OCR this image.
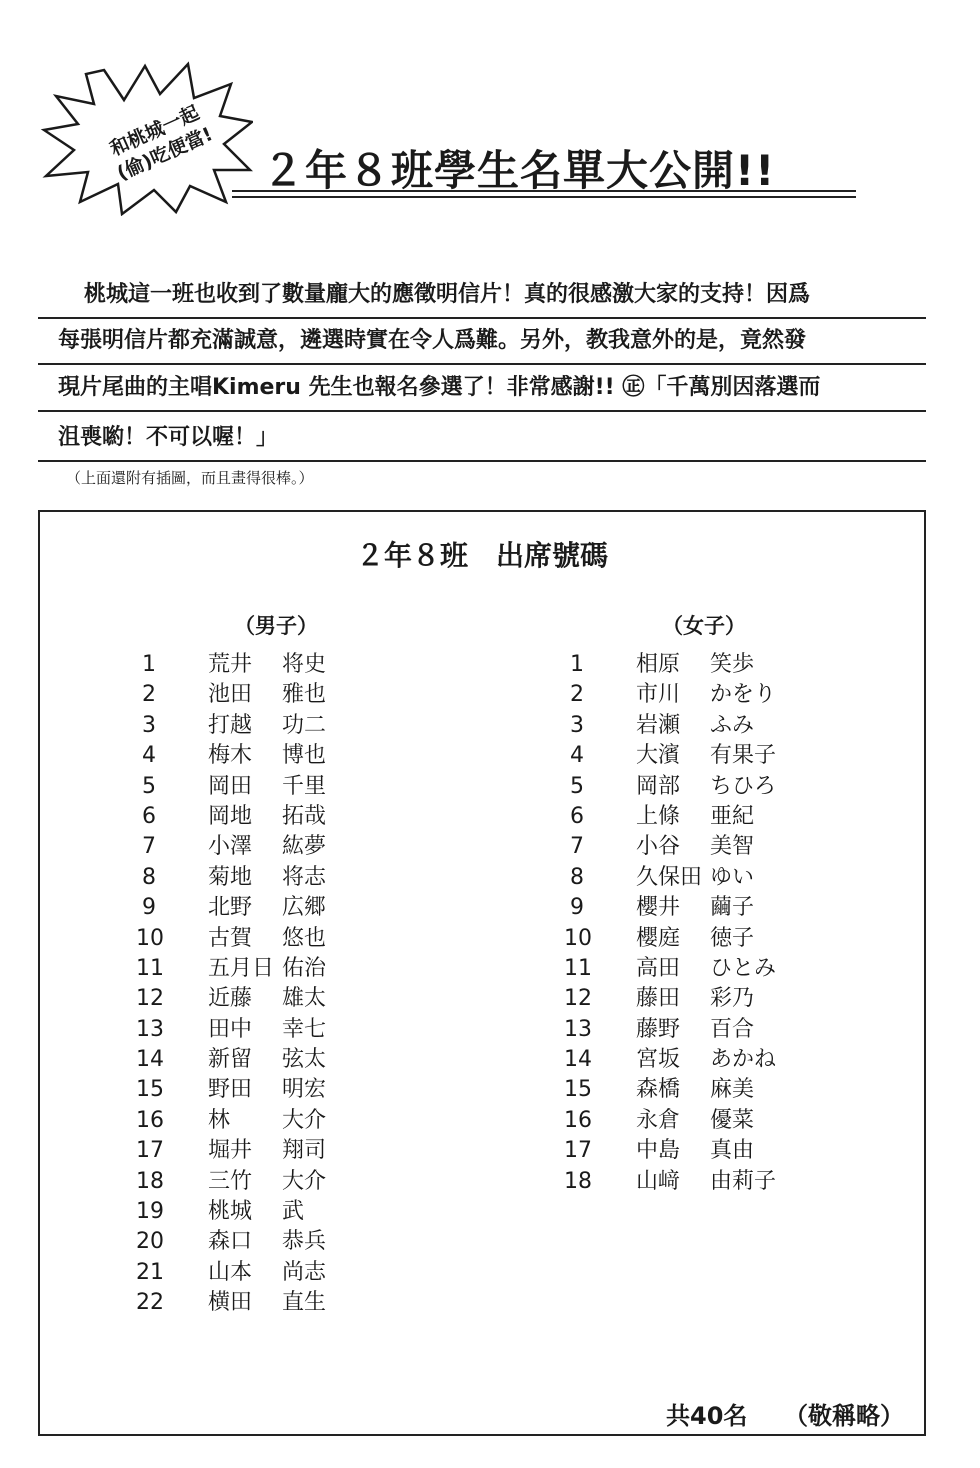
和桃城一起(偷)吃便當! ２年８班學生名單大公開!!
桃城這一班也收到了數量龐大的應徵明信片！真的很感激大家的支持！因爲
每張明信片都充滿誠意，遴選時實在令人爲難。另外，教我意外的是，竟然發
現片尾曲的主唱Kimeru 先生也報名參選了！非常感謝!! ㊣「千萬別因落選而
沮喪喲！不可以喔！」
（上面還附有插圖，而且畫得很棒。）
２年８班　出席號碼
（男子）	（女子）
1 荒井 将史
2 池田 雅也
3 打越 功二
4 梅木 博也
5 岡田 千里
6 岡地 拓哉
7 小澤 紘夢
8 菊地 将志
9 北野 広郷
10 古賀 悠也
11 五月日 佑治
12 近藤 雄太
13 田中 幸七
14 新留 弦太
15 野田 明宏
16 林 大介
17 堀井 翔司
18 三竹 大介
19 桃城 武
20 森口 恭兵
21 山本 尚志
22 横田 直生
1 相原 笑歩
2 市川 かをり
3 岩瀬 ふみ
4 大濱 有果子
5 岡部 ちひろ
6 上條 亜紀
7 小谷 美智
8 久保田 ゆい
9 櫻井 繭子
10 櫻庭 徳子
11 高田 ひとみ
12 藤田 彩乃
13 藤野 百合
14 宮坂 あかね
15 森橋 麻美
16 永倉 優菜
17 中島 真由
18 山﨑 由莉子
共40名 （敬稱略）
